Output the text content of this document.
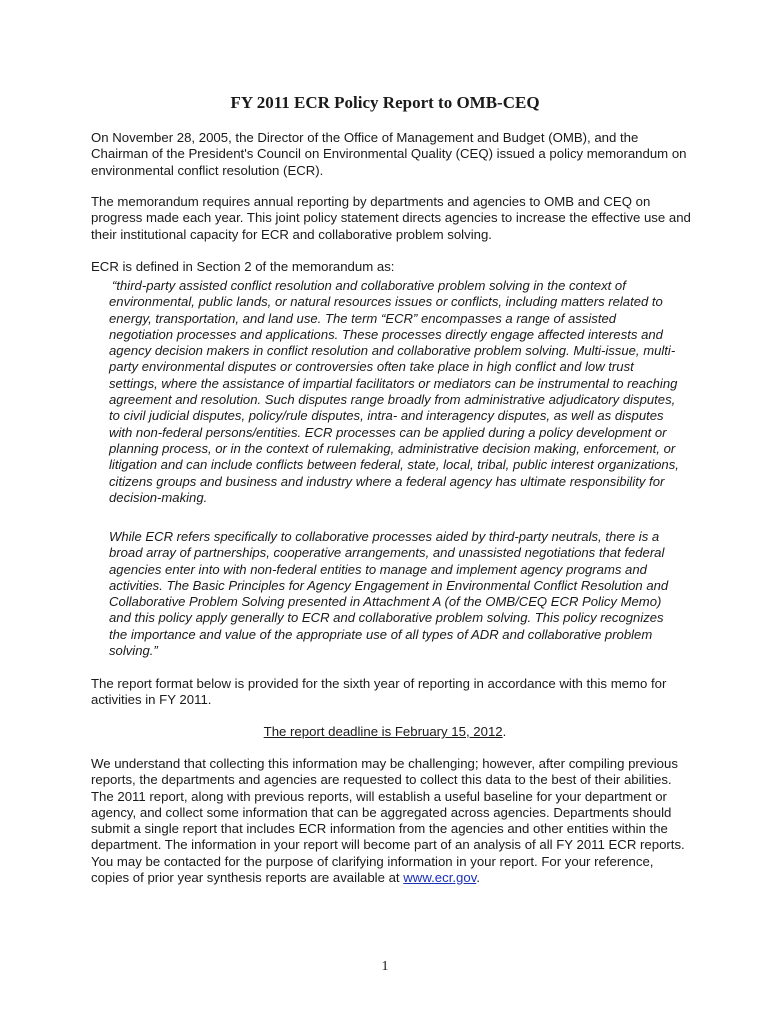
FY 2011 ECR Policy Report to OMB-CEQ

On November 28, 2005, the Director of the Office of Management and Budget (OMB), and the Chairman of the President's Council on Environmental Quality (CEQ) issued a policy memorandum on environmental conflict resolution (ECR).

The memorandum requires annual reporting by departments and agencies to OMB and CEQ on progress made each year. This joint policy statement directs agencies to increase the effective use and their institutional capacity for ECR and collaborative problem solving.

ECR is defined in Section 2 of the memorandum as:

“third-party assisted conflict resolution and collaborative problem solving in the context of environmental, public lands, or natural resources issues or conflicts, including matters related to energy, transportation, and land use. The term “ECR” encompasses a range of assisted negotiation processes and applications. These processes directly engage affected interests and agency decision makers in conflict resolution and collaborative problem solving. Multi-issue, multi-party environmental disputes or controversies often take place in high conflict and low trust settings, where the assistance of impartial facilitators or mediators can be instrumental to reaching agreement and resolution. Such disputes range broadly from administrative adjudicatory disputes, to civil judicial disputes, policy/rule disputes, intra- and interagency disputes, as well as disputes with non-federal persons/entities. ECR processes can be applied during a policy development or planning process, or in the context of rulemaking, administrative decision making, enforcement, or litigation and can include conflicts between federal, state, local, tribal, public interest organizations, citizens groups and business and industry where a federal agency has ultimate responsibility for decision-making.

While ECR refers specifically to collaborative processes aided by third-party neutrals, there is a broad array of partnerships, cooperative arrangements, and unassisted negotiations that federal agencies enter into with non-federal entities to manage and implement agency programs and activities. The Basic Principles for Agency Engagement in Environmental Conflict Resolution and Collaborative Problem Solving presented in Attachment A (of the OMB/CEQ ECR Policy Memo) and this policy apply generally to ECR and collaborative problem solving. This policy recognizes the importance and value of the appropriate use of all types of ADR and collaborative problem solving.”

The report format below is provided for the sixth year of reporting in accordance with this memo for activities in FY 2011.

The report deadline is February 15, 2012.

We understand that collecting this information may be challenging; however, after compiling previous reports, the departments and agencies are requested to collect this data to the best of their abilities. The 2011 report, along with previous reports, will establish a useful baseline for your department or agency, and collect some information that can be aggregated across agencies. Departments should submit a single report that includes ECR information from the agencies and other entities within the department. The information in your report will become part of an analysis of all FY 2011 ECR reports. You may be contacted for the purpose of clarifying information in your report. For your reference, copies of prior year synthesis reports are available at www.ecr.gov.

1
